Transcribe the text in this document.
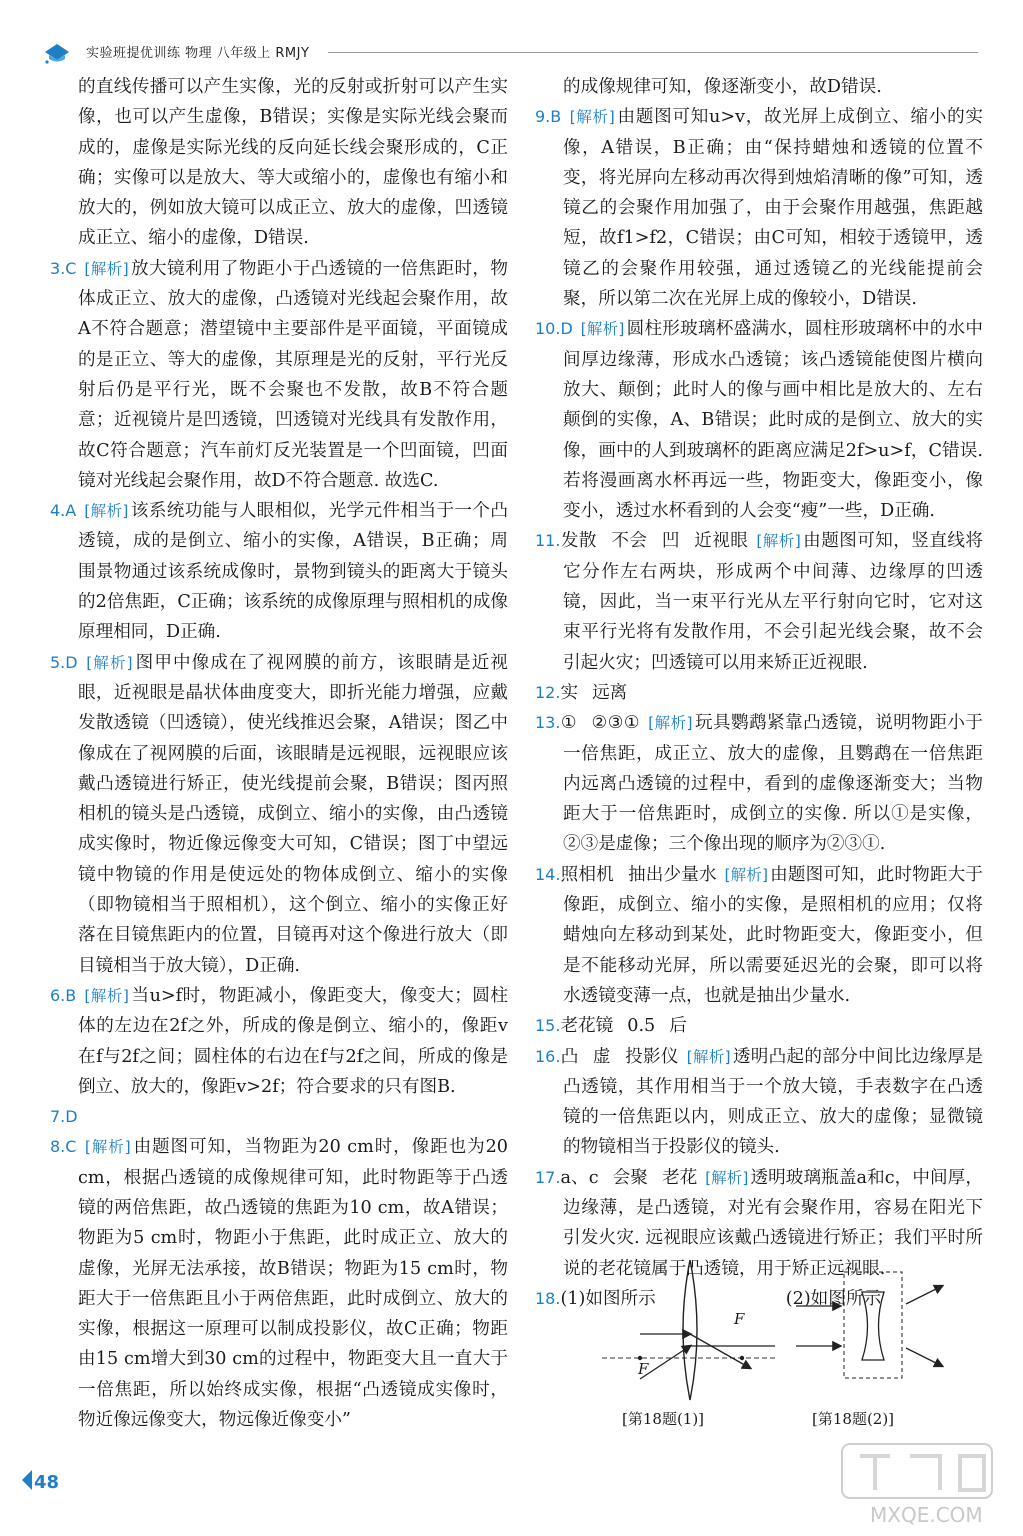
实验班提优训练 物理 八年级上 RMJY

的直线传播可以产生实像，光的反射或折射可以产生实像，也可以产生虚像，B错误；实像是实际光线会聚而成的，虚像是实际光线的反向延长线会聚形成的，C正确；实像可以是放大、等大或缩小的，虚像也有缩小和放大的，例如放大镜可以成正立、放大的虚像，凹透镜成正立、缩小的虚像，D错误.

3.C [解析] 放大镜利用了物距小于凸透镜的一倍焦距时，物体成正立、放大的虚像，凸透镜对光线起会聚作用，故A不符合题意；潜望镜中主要部件是平面镜，平面镜成的是正立、等大的虚像，其原理是光的反射，平行光反射后仍是平行光，既不会聚也不发散，故B不符合题意；近视镜片是凹透镜，凹透镜对光线具有发散作用，故C符合题意；汽车前灯反光装置是一个凹面镜，凹面镜对光线起会聚作用，故D不符合题意. 故选C.

4.A [解析] 该系统功能与人眼相似，光学元件相当于一个凸透镜，成的是倒立、缩小的实像，A错误，B正确；周围景物通过该系统成像时，景物到镜头的距离大于镜头的2倍焦距，C正确；该系统的成像原理与照相机的成像原理相同，D正确.

5.D [解析] 图甲中像成在了视网膜的前方，该眼睛是近视眼，近视眼是晶状体曲度变大，即折光能力增强，应戴发散透镜（凹透镜），使光线推迟会聚，A错误；图乙中像成在了视网膜的后面，该眼睛是远视眼，远视眼应该戴凸透镜进行矫正，使光线提前会聚，B错误；图丙照相机的镜头是凸透镜，成倒立、缩小的实像，由凸透镜成实像时，物近像远像变大可知，C错误；图丁中望远镜中物镜的作用是使远处的物体成倒立、缩小的实像（即物镜相当于照相机），这个倒立、缩小的实像正好落在目镜焦距内的位置，目镜再对这个像进行放大（即目镜相当于放大镜），D正确.

6.B [解析] 当u>f时，物距减小，像距变大，像变大；圆柱体的左边在2f之外，所成的像是倒立、缩小的，像距v在f与2f之间；圆柱体的右边在f与2f之间，所成的像是倒立、放大的，像距v>2f；符合要求的只有图B.

7.D

8.C [解析] 由题图可知，当物距为20 cm时，像距也为20 cm，根据凸透镜的成像规律可知，此时物距等于凸透镜的两倍焦距，故凸透镜的焦距为10 cm，故A错误；物距为5 cm时，物距小于焦距，此时成正立、放大的虚像，光屏无法承接，故B错误；物距为15 cm时，物距大于一倍焦距且小于两倍焦距，此时成倒立、放大的实像，根据这一原理可以制成投影仪，故C正确；物距由15 cm增大到30 cm的过程中，物距变大且一直大于一倍焦距，所以始终成实像，根据“凸透镜成实像时，物近像远像变大，物远像近像变小”

的成像规律可知，像逐渐变小，故D错误.

9.B [解析] 由题图可知u>v，故光屏上成倒立、缩小的实像，A错误，B正确；由“保持蜡烛和透镜的位置不变，将光屏向左移动再次得到烛焰清晰的像”可知，透镜乙的会聚作用加强了，由于会聚作用越强，焦距越短，故f1>f2，C错误；由C可知，相较于透镜甲，透镜乙的会聚作用较强，通过透镜乙的光线能提前会聚，所以第二次在光屏上成的像较小，D错误.

10.D [解析] 圆柱形玻璃杯盛满水，圆柱形玻璃杯中的水中间厚边缘薄，形成水凸透镜；该凸透镜能使图片横向放大、颠倒；此时人的像与画中相比是放大的、左右颠倒的实像，A、B错误；此时成的是倒立、放大的实像，画中的人到玻璃杯的距离应满足2f>u>f，C错误. 若将漫画离水杯再远一些，物距变大，像距变小，像变小，透过水杯看到的人会变“瘦”一些，D正确.

11.发散 不会 凹 近视眼 [解析] 由题图可知，竖直线将它分作左右两块，形成两个中间薄、边缘厚的凹透镜，因此，当一束平行光从左平行射向它时，它对这束平行光将有发散作用，不会引起光线会聚，故不会引起火灾；凹透镜可以用来矫正近视眼.

12.实 远离

13.① ②③① [解析] 玩具鹦鹉紧靠凸透镜，说明物距小于一倍焦距，成正立、放大的虚像，且鹦鹉在一倍焦距内远离凸透镜的过程中，看到的虚像逐渐变大；当物距大于一倍焦距时，成倒立的实像. 所以①是实像，②③是虚像；三个像出现的顺序为②③①.

14.照相机 抽出少量水 [解析] 由题图可知，此时物距大于像距，成倒立、缩小的实像，是照相机的应用；仅将蜡烛向左移动到某处，此时物距变大，像距变小，但是不能移动光屏，所以需要延迟光的会聚，即可以将水透镜变薄一点，也就是抽出少量水.

15.老花镜 0.5 后

16.凸 虚 投影仪 [解析] 透明凸起的部分中间比边缘厚是凸透镜，其作用相当于一个放大镜，手表数字在凸透镜的一倍焦距以内，则成正立、放大的虚像；显微镜的物镜相当于投影仪的镜头.

17.a、c 会聚 老花 [解析] 透明玻璃瓶盖a和c，中间厚，边缘薄，是凸透镜，对光有会聚作用，容易在阳光下引发火灾. 远视眼应该戴凸透镜进行矫正；我们平时所说的老花镜属于凸透镜，用于矫正远视眼.

18.(1)如图所示	(2)如图所示

F
F
[第18题(1)]	[第18题(2)]
48
MXQE.COM
